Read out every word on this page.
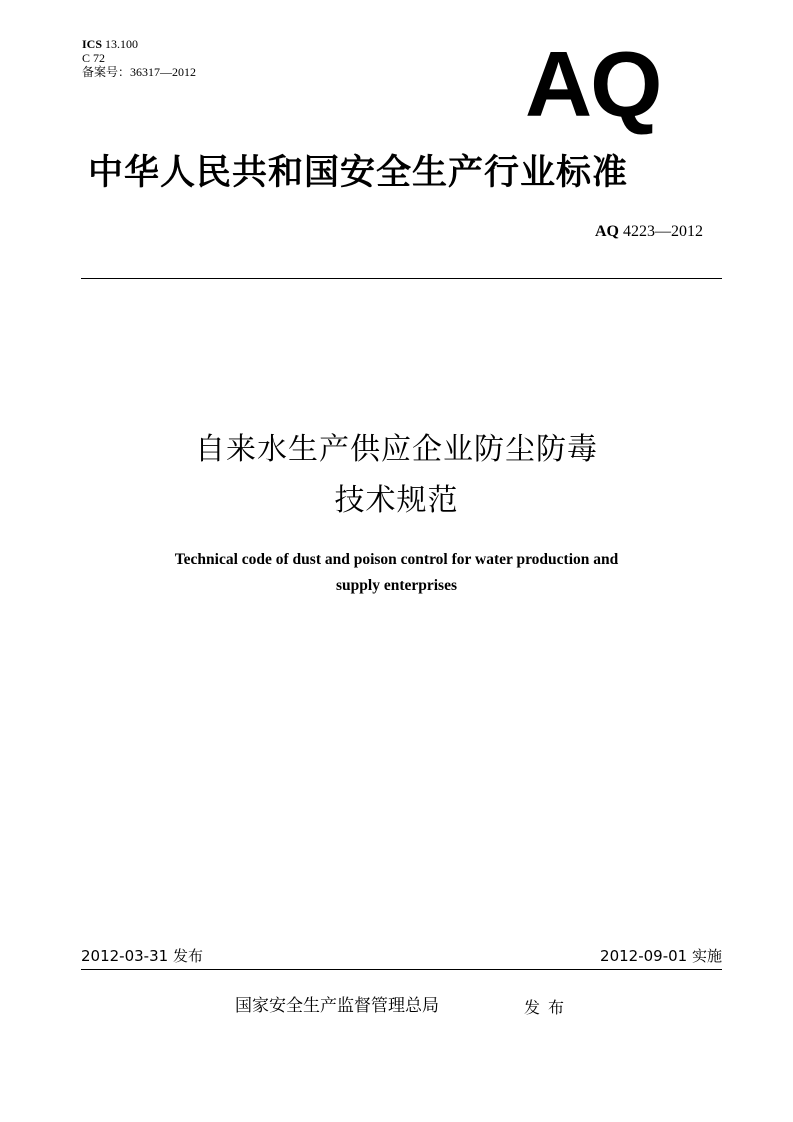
ICS 13.100
C 72
备案号：36317—2012	AQ
中华人民共和国安全生产行业标准
AQ 4223—2012
自来水生产供应企业防尘防毒
技术规范
Technical code of dust and poison control for water production and
supply enterprises
2012-03-31 发布	2012-09-01 实施
国家安全生产监督管理总局	发布
